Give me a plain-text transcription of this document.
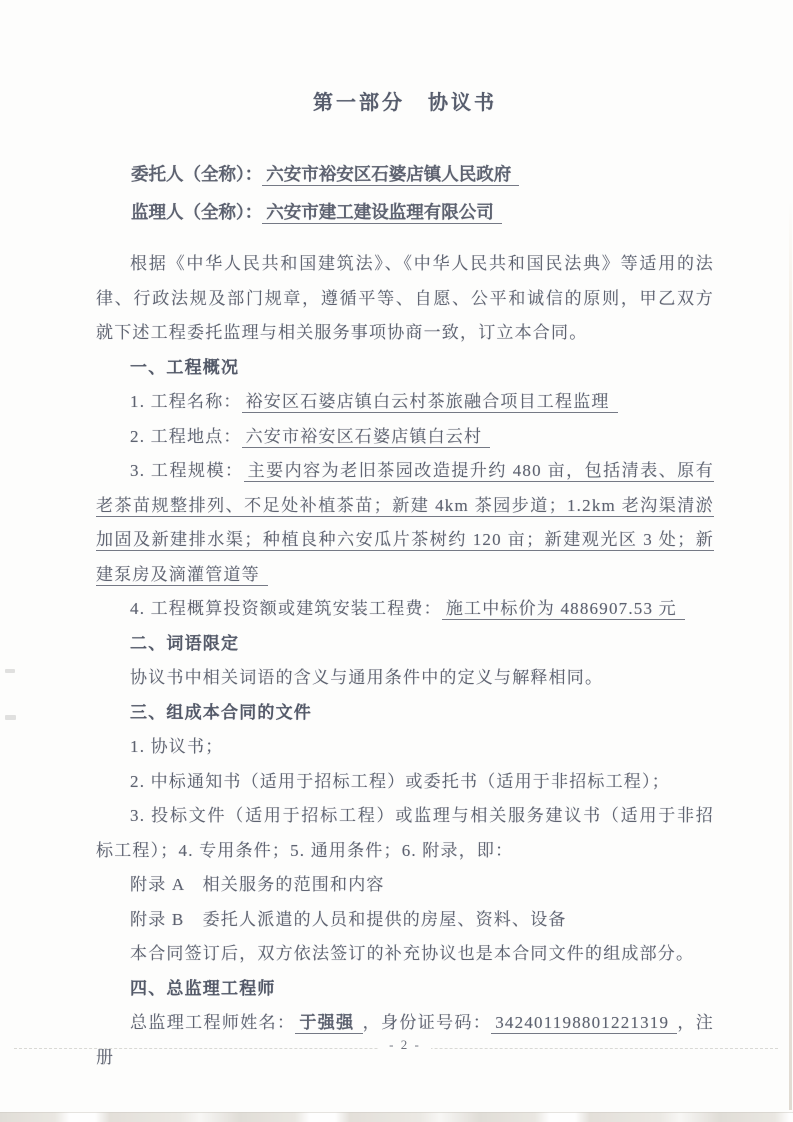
第一部分　协议书
委托人（全称）： 六安市裕安区石婆店镇人民政府
监理人（全称）： 六安市建工建设监理有限公司

根据《中华人民共和国建筑法》、《中华人民共和国民法典》等适用的法律、行政法规及部门规章，遵循平等、自愿、公平和诚信的原则，甲乙双方就下述工程委托监理与相关服务事项协商一致，订立本合同。

一、工程概况

1. 工程名称： 裕安区石婆店镇白云村茶旅融合项目工程监理

2. 工程地点： 六安市裕安区石婆店镇白云村

3. 工程规模： 主要内容为老旧茶园改造提升约 480 亩，包括清表、原有老茶苗规整排列、不足处补植茶苗；新建 4km 茶园步道；1.2km 老沟渠清淤加固及新建排水渠；种植良种六安瓜片茶树约 120 亩；新建观光区 3 处；新建泵房及滴灌管道等

4. 工程概算投资额或建筑安装工程费： 施工中标价为 4886907.53 元

二、词语限定

协议书中相关词语的含义与通用条件中的定义与解释相同。

三、组成本合同的文件

1. 协议书；

2. 中标通知书（适用于招标工程）或委托书（适用于非招标工程）；

3. 投标文件（适用于招标工程）或监理与相关服务建议书（适用于非招标工程）；4. 专用条件；5. 通用条件；6. 附录，即：

附录 A　相关服务的范围和内容

附录 B　委托人派遣的人员和提供的房屋、资料、设备

本合同签订后，双方依法签订的补充协议也是本合同文件的组成部分。

四、总监理工程师

总监理工程师姓名： 于强强 ，身份证号码： 342401198801221319 ，注册

- 2 -
